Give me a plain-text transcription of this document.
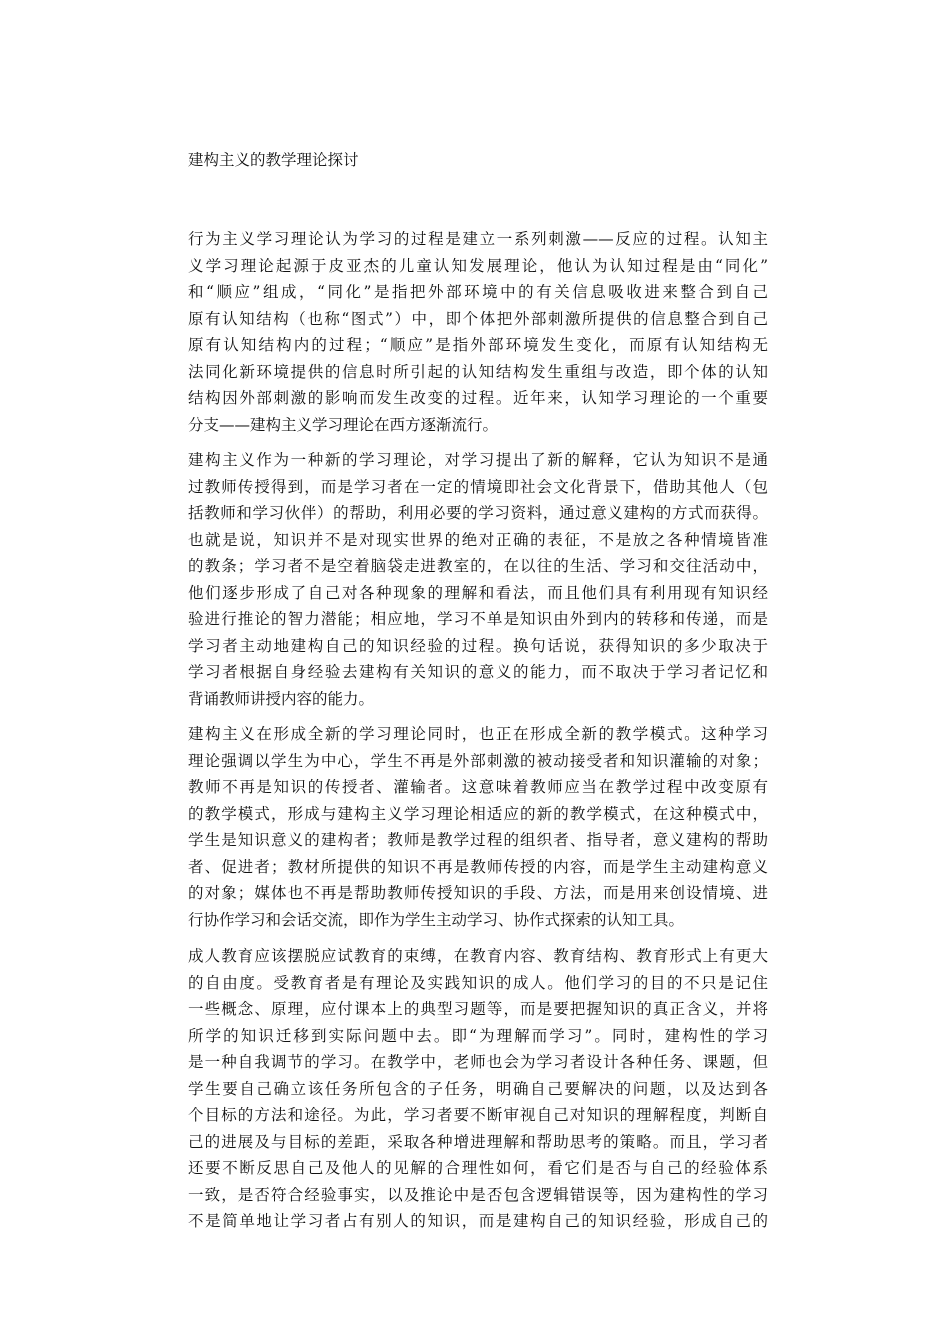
建构主义的教学理论探讨
行为主义学习理论认为学习的过程是建立一系列刺激——反应的过程。认知主
义学习理论起源于皮亚杰的儿童认知发展理论，他认为认知过程是由“同化”
和“顺应”组成，“同化”是指把外部环境中的有关信息吸收进来整合到自己
原有认知结构（也称“图式”）中，即个体把外部刺激所提供的信息整合到自己
原有认知结构内的过程；“顺应”是指外部环境发生变化，而原有认知结构无
法同化新环境提供的信息时所引起的认知结构发生重组与改造，即个体的认知
结构因外部刺激的影响而发生改变的过程。近年来，认知学习理论的一个重要
分支——建构主义学习理论在西方逐渐流行。
建构主义作为一种新的学习理论，对学习提出了新的解释，它认为知识不是通
过教师传授得到，而是学习者在一定的情境即社会文化背景下，借助其他人（包
括教师和学习伙伴）的帮助，利用必要的学习资料，通过意义建构的方式而获得。
也就是说，知识并不是对现实世界的绝对正确的表征，不是放之各种情境皆准
的教条；学习者不是空着脑袋走进教室的，在以往的生活、学习和交往活动中，
他们逐步形成了自己对各种现象的理解和看法，而且他们具有利用现有知识经
验进行推论的智力潜能；相应地，学习不单是知识由外到内的转移和传递，而是
学习者主动地建构自己的知识经验的过程。换句话说，获得知识的多少取决于
学习者根据自身经验去建构有关知识的意义的能力，而不取决于学习者记忆和
背诵教师讲授内容的能力。
建构主义在形成全新的学习理论同时，也正在形成全新的教学模式。这种学习
理论强调以学生为中心，学生不再是外部刺激的被动接受者和知识灌输的对象；
教师不再是知识的传授者、灌输者。这意味着教师应当在教学过程中改变原有
的教学模式，形成与建构主义学习理论相适应的新的教学模式，在这种模式中，
学生是知识意义的建构者；教师是教学过程的组织者、指导者，意义建构的帮助
者、促进者；教材所提供的知识不再是教师传授的内容，而是学生主动建构意义
的对象；媒体也不再是帮助教师传授知识的手段、方法，而是用来创设情境、进
行协作学习和会话交流，即作为学生主动学习、协作式探索的认知工具。
成人教育应该摆脱应试教育的束缚，在教育内容、教育结构、教育形式上有更大
的自由度。受教育者是有理论及实践知识的成人。他们学习的目的不只是记住
一些概念、原理，应付课本上的典型习题等，而是要把握知识的真正含义，并将
所学的知识迁移到实际问题中去。即“为理解而学习”。同时，建构性的学习
是一种自我调节的学习。在教学中，老师也会为学习者设计各种任务、课题，但
学生要自己确立该任务所包含的子任务，明确自己要解决的问题，以及达到各
个目标的方法和途径。为此，学习者要不断审视自己对知识的理解程度，判断自
己的进展及与目标的差距，采取各种增进理解和帮助思考的策略。而且，学习者
还要不断反思自己及他人的见解的合理性如何，看它们是否与自己的经验体系
一致，是否符合经验事实，以及推论中是否包含逻辑错误等，因为建构性的学习
不是简单地让学习者占有别人的知识，而是建构自己的知识经验，形成自己的
